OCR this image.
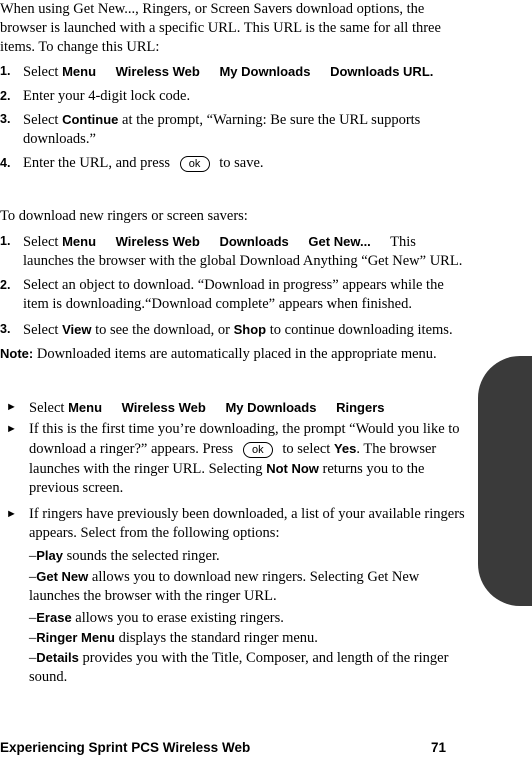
When using Get New..., Ringers, or Screen Savers download options, the browser is launched with a specific URL. This URL is the same for all three items. To change this URL:

1. Select Menu Wireless Web My Downloads Downloads URL.
2. Enter your 4-digit lock code.
3. Select Continue at the prompt, “Warning: Be sure the URL supports downloads.”
4. Enter the URL, and press ok to save.

To download new ringers or screen savers:

1. Select Menu Wireless Web Downloads Get New... This launches the browser with the global Download Anything “Get New” URL.
2. Select an object to download. “Download in progress” appears while the item is downloading.“Download complete” appears when finished.
3. Select View to see the download, or Shop to continue downloading items.
Note: Downloaded items are automatically placed in the appropriate menu.
► Select Menu Wireless Web My Downloads Ringers
► If this is the first time you’re downloading, the prompt “Would you like to download a ringer?” appears. Press ok to select Yes. The browser launches with the ringer URL. Selecting Not Now returns you to the previous screen.
► If ringers have previously been downloaded, a list of your available ringers appears. Select from the following options:
–Play sounds the selected ringer.
–Get New allows you to download new ringers. Selecting Get New launches the browser with the ringer URL.
–Erase allows you to erase existing ringers.
–Ringer Menu displays the standard ringer menu.
–Details provides you with the Title, Composer, and length of the ringer sound.
Experiencing Sprint PCS Wireless Web	71
